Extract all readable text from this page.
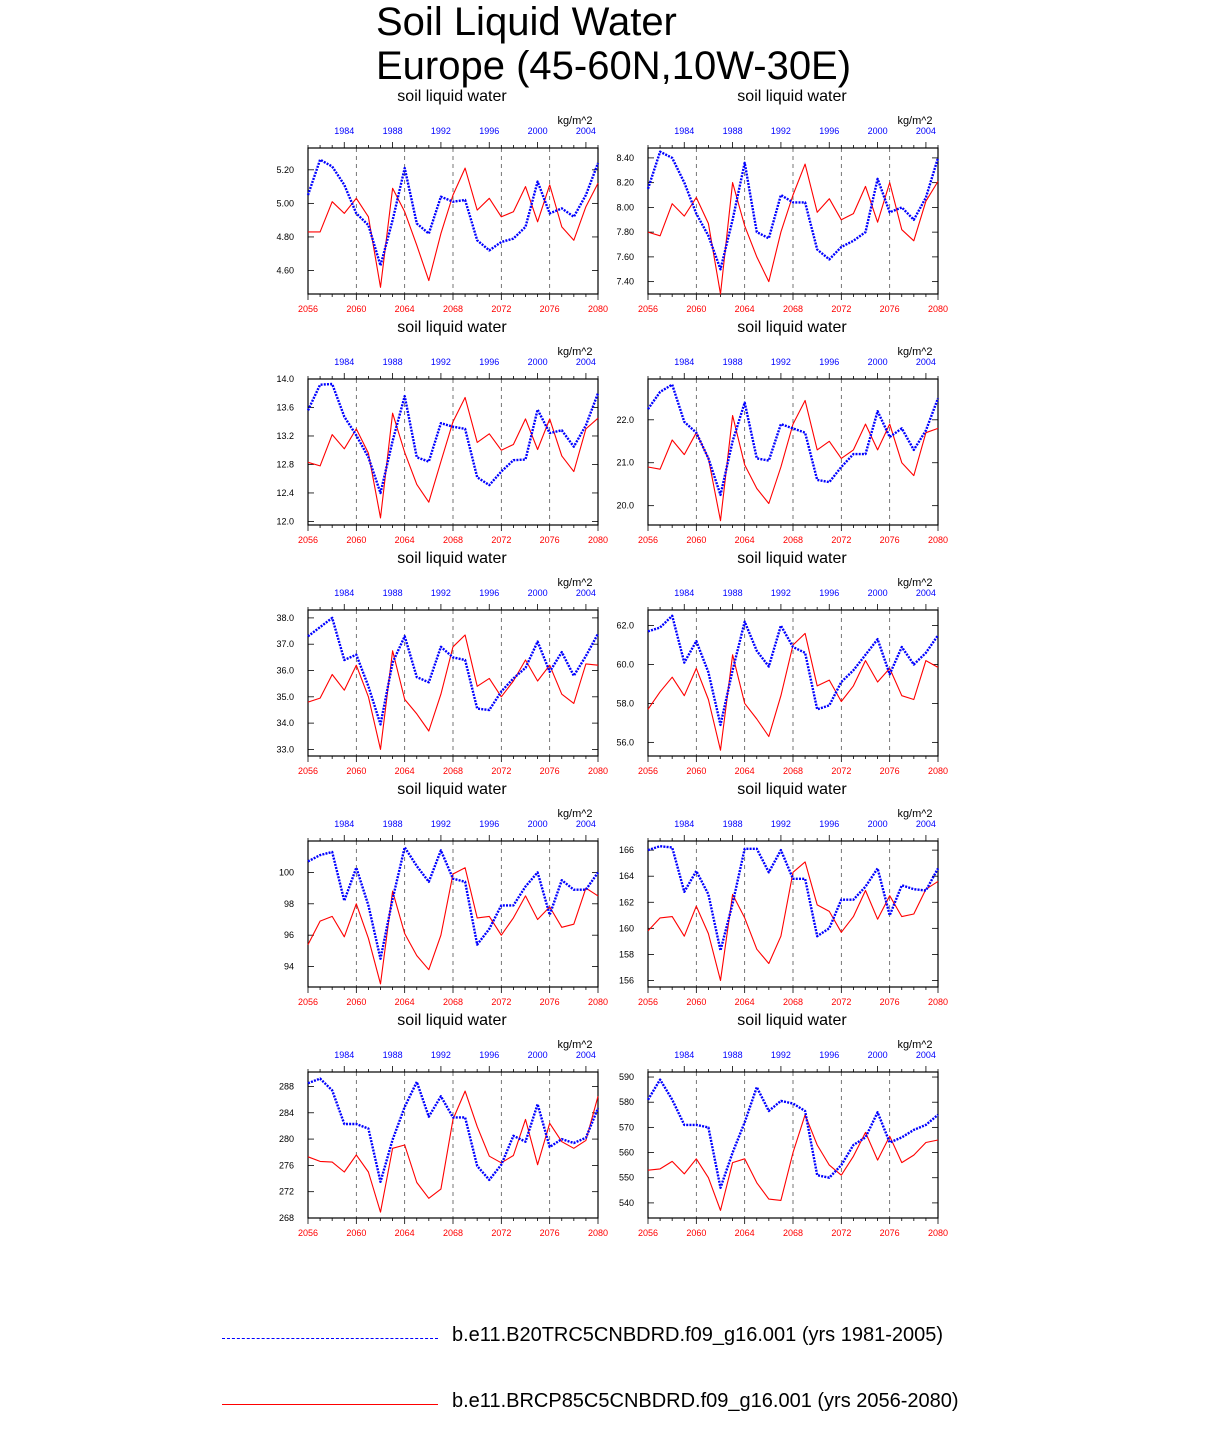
Soil Liquid Water
Europe (45-60N,10W-30E)
soil liquid water
kg/m^2
2056	2060	2064	2068	2072	2076	2080
1984	1988	1992	1996	2000	2004
4.60
4.80
5.00
5.20
soil liquid water
kg/m^2
2056	2060	2064	2068	2072	2076	2080
1984	1988	1992	1996	2000	2004
7.40
7.60
7.80
8.00
8.20
8.40
soil liquid water
kg/m^2
2056	2060	2064	2068	2072	2076	2080
1984	1988	1992	1996	2000	2004
12.0
12.4
12.8
13.2
13.6
14.0
soil liquid water
kg/m^2
2056	2060	2064	2068	2072	2076	2080
1984	1988	1992	1996	2000	2004
20.0
21.0
22.0
soil liquid water
kg/m^2
2056	2060	2064	2068	2072	2076	2080
1984	1988	1992	1996	2000	2004
33.0
34.0
35.0
36.0
37.0
38.0
soil liquid water
kg/m^2
2056	2060	2064	2068	2072	2076	2080
1984	1988	1992	1996	2000	2004
56.0
58.0
60.0
62.0
soil liquid water
kg/m^2
2056	2060	2064	2068	2072	2076	2080
1984	1988	1992	1996	2000	2004
94
96
98
100
soil liquid water
kg/m^2
2056	2060	2064	2068	2072	2076	2080
1984	1988	1992	1996	2000	2004
156
158
160
162
164
166
soil liquid water
kg/m^2
2056	2060	2064	2068	2072	2076	2080
1984	1988	1992	1996	2000	2004
268
272
276
280
284
288
soil liquid water
kg/m^2
2056	2060	2064	2068	2072	2076	2080
1984	1988	1992	1996	2000	2004
540
550
560
570
580
590
b.e11.B20TRC5CNBDRD.f09_g16.001 (yrs 1981-2005)
b.e11.BRCP85C5CNBDRD.f09_g16.001 (yrs 2056-2080)
